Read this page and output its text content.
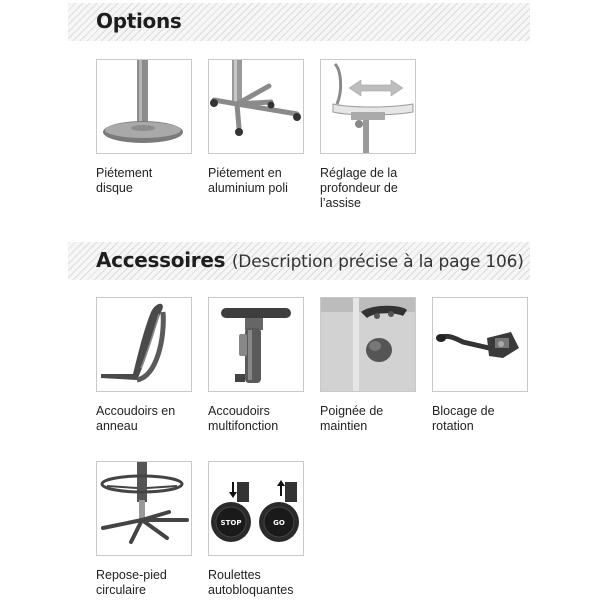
Options
Piétement
disque
Piétement en
aluminium poli
Réglage de la
profondeur de
l’assise
Accessoires (Description précise à la page 106)
Accoudoirs en
anneau
Accoudoirs
multifonction
Poignée de
maintien
Blocage de
rotation
Repose-pied
circulaire
STOP	GO
Roulettes
autobloquantes
